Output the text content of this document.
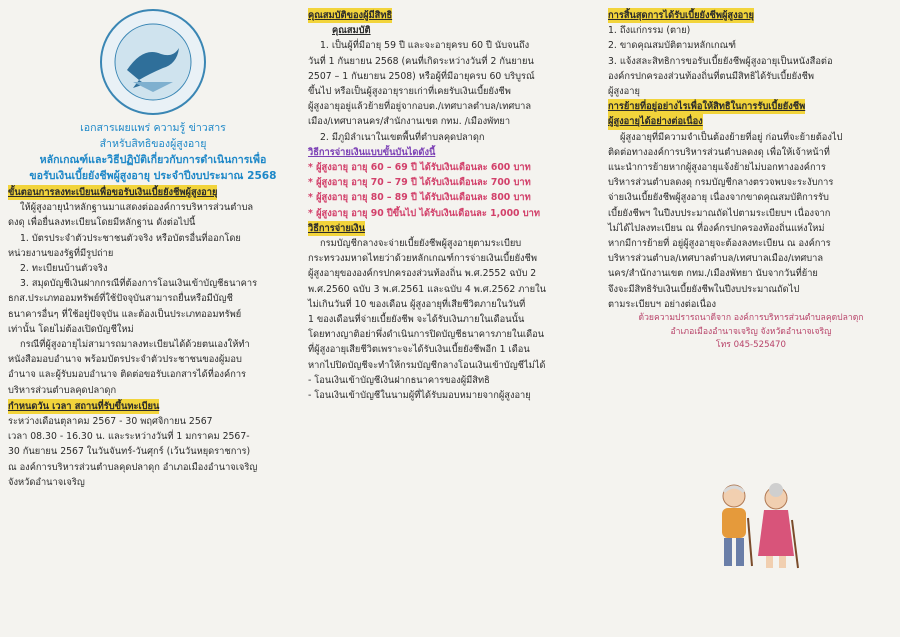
เอกสารเผยแพร่ ความรู้ ข่าวสาร

สำหรับสิทธิของผู้สูงอายุ

หลักเกณฑ์และวิธีปฏิบัติเกี่ยวกับการดำเนินการเพื่อ

ขอรับเงินเบี้ยยังชีพผู้สูงอายุ ประจำปีงบประมาณ 2568

ขั้นตอนการลงทะเบียนเพื่อขอรับเงินเบี้ยยังชีพผู้สูงอายุ

ให้ผู้สูงอายุนำหลักฐานมาแสดงต่อองค์การบริหารส่วนตำบล

ดงดุ เพื่อยื่นลงทะเบียนโดยมีหลักฐาน ดังต่อไปนี้

1. บัตรประจำตัวประชาชนตัวจริง หรือบัตรอื่นที่ออกโดย

หน่วยงานของรัฐที่มีรูปถ่าย

2. ทะเบียนบ้านตัวจริง

3. สมุดบัญชีเงินฝากกรณีที่ต้องการโอนเงินเข้าบัญชีธนาคาร

ธกส.ประเภทออมทรัพย์ที่ใช้ปัจจุบันสามารถยื่นหรือมีบัญชี

ธนาคารอื่นๆ ที่ใช้อยู่ปัจจุบัน และต้องเป็นประเภทออมทรัพย์

เท่านั้น โดยไม่ต้องเปิดบัญชีใหม่

กรณีที่ผู้สูงอายุไม่สามารถมาลงทะเบียนได้ด้วยตนเองให้ทำ

หนังสือมอบอำนาจ พร้อมบัตรประจำตัวประชาชนของผู้มอบ

อำนาจ และผู้รับมอบอำนาจ ติดต่อขอรับเอกสารได้ที่องค์การ

บริหารส่วนตำบลคุดปลาดุก

กำหนดวัน เวลา สถานที่รับขึ้นทะเบียน

ระหว่างเดือนตุลาคม 2567 - 30 พฤศจิกายน 2567

เวลา 08.30 - 16.30 น. และระหว่างวันที่ 1 มกราคม 2567-

30 กันยายน 2567 ในวันจันทร์-วันศุกร์ (เว้นวันหยุดราชการ)

ณ องค์การบริหารส่วนตำบลคุดปลาดุก อำเภอเมืองอำนาจเจริญ

จังหวัดอำนาจเจริญ

คุณสมบัติของผู้มีสิทธิ

คุณสมบัติ

1. เป็นผู้ที่มีอายุ 59 ปี และจะอายุครบ 60 ปี นับจนถึง

วันที่ 1 กันยายน 2568 (คนที่เกิดระหว่างวันที่ 2 กันยายน

2507 – 1 กันยายน 2508) หรือผู้ที่มีอายุครบ 60 บริบูรณ์

ขึ้นไป หรือเป็นผู้สูงอายุรายเก่าที่เคยรับเงินเบี้ยยังชีพ

ผู้สูงอายุอยู่แล้วย้ายที่อยู่จากอบต./เทศบาลตำบล/เทศบาล

เมือง/เทศบาลนคร/สำนักงานเขต กทม. /เมืองพัทยา

2. มีภูมิลำเนาในเขตพื้นที่ตำบลคุดปลาดุก

วิธีการจ่ายเงินแบบขั้นบันไดดังนี้

* ผู้สูงอายุ อายุ 60 – 69 ปี ได้รับเงินเดือนละ 600 บาท

* ผู้สูงอายุ อายุ 70 – 79 ปี ได้รับเงินเดือนละ 700 บาท

* ผู้สูงอายุ อายุ 80 – 89 ปี ได้รับเงินเดือนละ 800 บาท

* ผู้สูงอายุ อายุ 90 ปีขึ้นไป ได้รับเงินเดือนละ 1,000 บาท

วิธีการจ่ายเงิน

กรมบัญชีกลางจะจ่ายเบี้ยยังชีพผู้สูงอายุตามระเบียบ

กระทรวงมหาดไทยว่าด้วยหลักเกณฑ์การจ่ายเงินเบี้ยยังชีพ

ผู้สูงอายุขององค์กรปกครองส่วนท้องถิ่น พ.ศ.2552 ฉบับ 2

พ.ศ.2560 ฉบับ 3 พ.ศ.2561 และฉบับ 4 พ.ศ.2562 ภายใน

ไม่เกินวันที่ 10 ของเดือน ผู้สูงอายุที่เสียชีวิตภายในวันที่

1 ของเดือนที่จ่ายเบี้ยยังชีพ จะได้รับเงินภายในเดือนนั้น

โดยทางญาติอย่าพึ่งดำเนินการปิดบัญชีธนาคารภายในเดือน

ที่ผู้สูงอายุเสียชีวิตเพราะจะได้รับเงินเบี้ยยังชีพอีก 1 เดือน

หากไปปิดบัญชีจะทำให้กรมบัญชีกลางโอนเงินเข้าบัญชีไม่ได้

- โอนเงินเข้าบัญชีเงินฝากธนาคารของผู้มีสิทธิ

- โอนเงินเข้าบัญชีในนามผู้ที่ได้รับมอบหมายจากผู้สูงอายุ

การสิ้นสุดการได้รับเบี้ยยังชีพผู้สูงอายุ

1. ถึงแก่กรรม (ตาย)

2. ขาดคุณสมบัติตามหลักเกณฑ์

3. แจ้งสละสิทธิการขอรับเบี้ยยังชีพผู้สูงอายุเป็นหนังสือต่อ

องค์กรปกครองส่วนท้องถิ่นที่ตนมีสิทธิได้รับเบี้ยยังชีพ

ผู้สูงอายุ

การย้ายที่อยู่อย่างไรเพื่อให้สิทธิในการรับเบี้ยยังชีพ

ผู้สูงอายุได้อย่างต่อเนื่อง

ผู้สูงอายุที่มีความจำเป็นต้องย้ายที่อยู่ ก่อนที่จะย้ายต้องไป

ติดต่อทางองค์การบริหารส่วนตำบลดงดุ เพื่อให้เจ้าหน้าที่

แนะนำการย้ายหากผู้สูงอายุแจ้งย้ายไม่บอกทางองค์การ

บริหารส่วนตำบลดงดุ กรมบัญชีกลางตรวจพบจะระงับการ

จ่ายเงินเบี้ยยังชีพผู้สูงอายุ เนื่องจากขาดคุณสมบัติการรับ

เบี้ยยังชีพฯ ในปีงบประมาณถัดไปตามระเบียบฯ เนื่องจาก

ไม่ได้ไปลงทะเบียน ณ ที่องค์กรปกครองท้องถิ่นแห่งใหม่

หากมีการย้ายที่ อยู่ผู้สูงอายุจะต้องลงทะเบียน ณ องค์การ

บริหารส่วนตำบล/เทศบาลตำบล/เทศบาลเมือง/เทศบาล

นคร/สำนักงานเขต กทม./เมืองพัทยา นับจากวันที่ย้าย

จึงจะมีสิทธิรับเงินเบี้ยยังชีพในปีงบประมาณถัดไป

ตามระเบียบฯ อย่างต่อเนื่อง

ด้วยความปรารถนาดีจาก องค์การบริหารส่วนตำบลคุดปลาดุก

อำเภอเมืองอำนาจเจริญ จังหวัดอำนาจเจริญ

โทร 045-525470
